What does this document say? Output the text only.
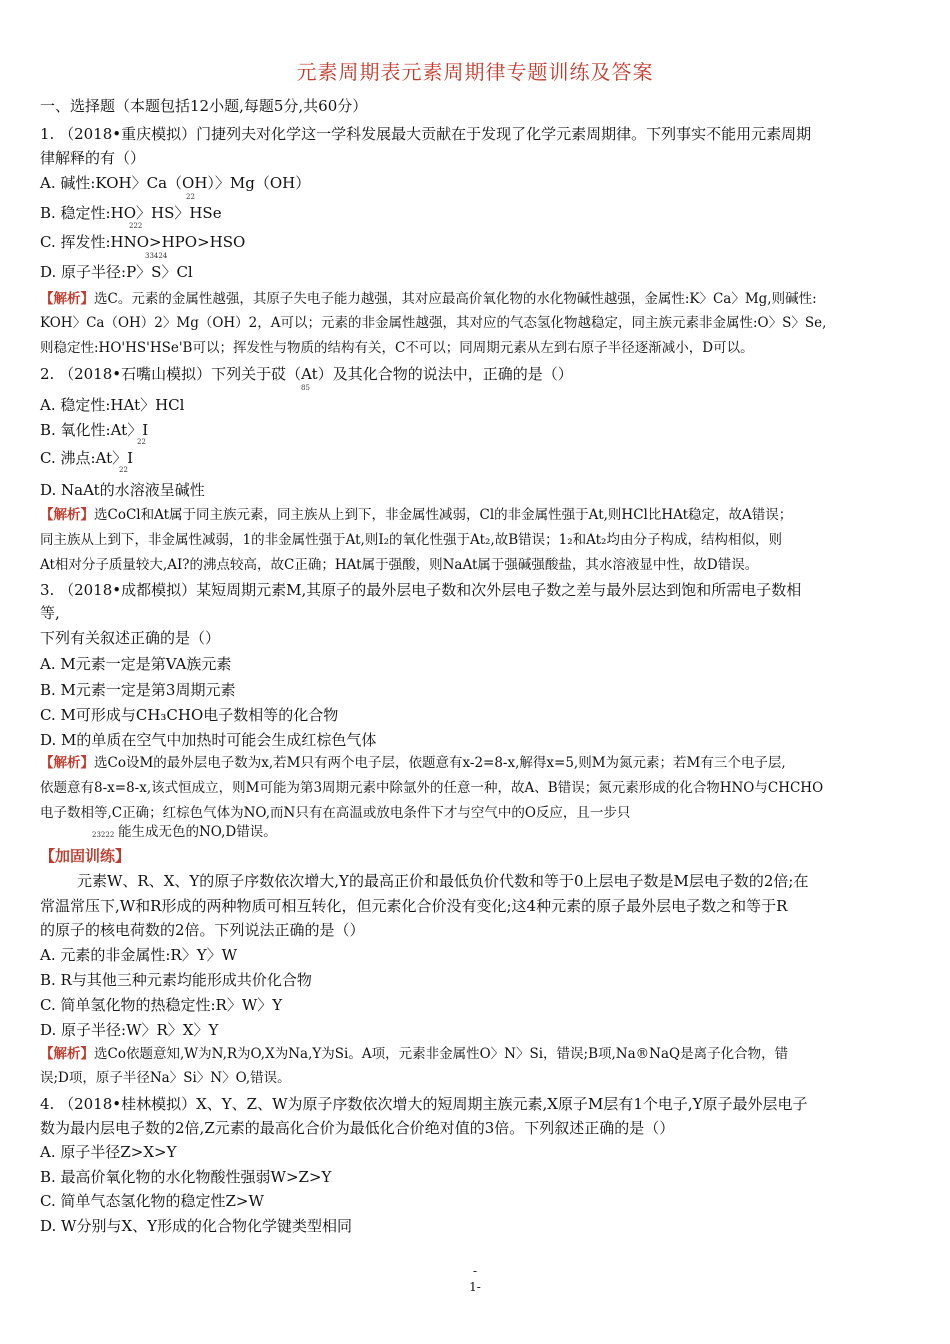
元素周期表元素周期律专题训练及答案
一、选择题（本题包括12小题,每题5分,共60分）
1. （2018•重庆模拟）门捷列夫对化学这一学科发展最大贡献在于发现了化学元素周期律。下列事实不能用元素周期
律解释的有（）
A. 碱性:KOH〉Ca（OH）〉Mg（OH）
22
B. 稳定性:HO〉HS〉HSe
222
C. 挥发性:HNO>HPO>HSO
33424
D. 原子半径:P〉S〉Cl
【解析】选C。元素的金属性越强，其原子失电子能力越强，其对应最高价氧化物的水化物碱性越强，金属性:K〉Ca〉Mg,则碱性:
KOH〉Ca（OH）2〉Mg（OH）2，A可以；元素的非金属性越强，其对应的气态氢化物越稳定，同主族元素非金属性:O〉S〉Se,
则稳定性:HO'HS'HSe'B可以；挥发性与物质的结构有关，C不可以；同周期元素从左到右原子半径逐渐减小，D可以。
2. （2018•石嘴山模拟）下列关于砹（At）及其化合物的说法中，正确的是（）
85
A. 稳定性:HAt〉HCl
B. 氧化性:At〉I
22
C. 沸点:At〉I
22
D. NaAt的水溶液呈碱性
【解析】选CoCl和At属于同主族元素，同主族从上到下，非金属性减弱，Cl的非金属性强于At,则HCl比HAt稳定，故A错误；
同主族从上到下，非金属性减弱，1的非金属性强于At,则I₂的氧化性强于At₂,故B错误；1₂和At₂均由分子构成，结构相似，则
At相对分子质量较大,AI?的沸点较高，故C正确；HAt属于强酸，则NaAt属于强碱强酸盐，其水溶液显中性，故D错误。
3. （2018•成都模拟）某短周期元素M,其原子的最外层电子数和次外层电子数之差与最外层达到饱和所需电子数相
等,
下列有关叙述正确的是（）
A. M元素一定是第VA族元素
B. M元素一定是第3周期元素
C. M可形成与CH₃CHO电子数相等的化合物
D. M的单质在空气中加热时可能会生成红棕色气体
【解析】选Co设M的最外层电子数为x,若M只有两个电子层，依题意有x-2=8-x,解得x=5,则M为氮元素；若M有三个电子层,
依题意有8-x=8-x,该式恒成立，则M可能为第3周期元素中除氩外的任意一种，故A、B错误；氮元素形成的化合物HNO与CHCHO
电子数相等,C正确；红棕色气体为NO,而N只有在高温或放电条件下才与空气中的O反应，且一步只
23222 能生成无色的NO,D错误。
【加固训练】
元素W、R、X、Y的原子序数依次增大,Y的最高正价和最低负价代数和等于0上层电子数是M层电子数的2倍;在
常温常压下,W和R形成的两种物质可相互转化，但元素化合价没有变化;这4种元素的原子最外层电子数之和等于R
的原子的核电荷数的2倍。下列说法正确的是（）
A. 元素的非金属性:R〉Y〉W
B. R与其他三种元素均能形成共价化合物
C. 简单氢化物的热稳定性:R〉W〉Y
D. 原子半径:W〉R〉X〉Y
【解析】选Co依题意知,W为N,R为O,X为Na,Y为Si。A项，元素非金属性O〉N〉Si，错误;B项,Na®NaQ是离子化合物，错
误;D项，原子半径Na〉Si〉N〉O,错误。
4. （2018•桂林模拟）X、Y、Z、W为原子序数依次增大的短周期主族元素,X原子M层有1个电子,Y原子最外层电子
数为最内层电子数的2倍,Z元素的最高化合价为最低化合价绝对值的3倍。下列叙述正确的是（）
A. 原子半径Z>X>Y
B. 最高价氧化物的水化物酸性强弱W>Z>Y
C. 简单气态氢化物的稳定性Z>W
D. W分别与X、Y形成的化合物化学键类型相同
-
1-
